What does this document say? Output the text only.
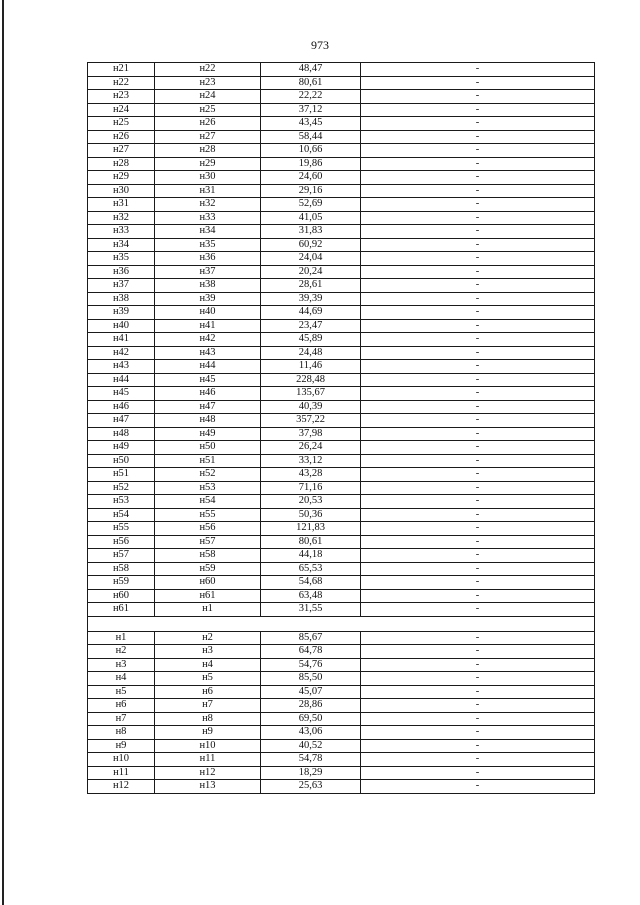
973
н21	н22	48,47	-
н22	н23	80,61	-
н23	н24	22,22	-
н24	н25	37,12	-
н25	н26	43,45	-
н26	н27	58,44	-
н27	н28	10,66	-
н28	н29	19,86	-
н29	н30	24,60	-
н30	н31	29,16	-
н31	н32	52,69	-
н32	н33	41,05	-
н33	н34	31,83	-
н34	н35	60,92	-
н35	н36	24,04	-
н36	н37	20,24	-
н37	н38	28,61	-
н38	н39	39,39	-
н39	н40	44,69	-
н40	н41	23,47	-
н41	н42	45,89	-
н42	н43	24,48	-
н43	н44	11,46	-
н44	н45	228,48	-
н45	н46	135,67	-
н46	н47	40,39	-
н47	н48	357,22	-
н48	н49	37,98	-
н49	н50	26,24	-
н50	н51	33,12	-
н51	н52	43,28	-
н52	н53	71,16	-
н53	н54	20,53	-
н54	н55	50,36	-
н55	н56	121,83	-
н56	н57	80,61	-
н57	н58	44,18	-
н58	н59	65,53	-
н59	н60	54,68	-
н60	н61	63,48	-
н61	н1	31,55	-

н1	н2	85,67	-
н2	н3	64,78	-
н3	н4	54,76	-
н4	н5	85,50	-
н5	н6	45,07	-
н6	н7	28,86	-
н7	н8	69,50	-
н8	н9	43,06	-
н9	н10	40,52	-
н10	н11	54,78	-
н11	н12	18,29	-
н12	н13	25,63	-
